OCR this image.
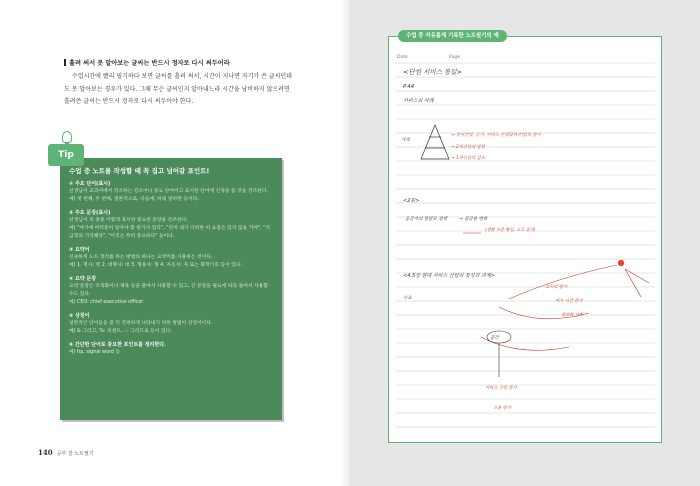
흘려 써서 못 알아보는 글씨는 반드시 정자로 다시 써두어라
수업시간에 빨리 필기하다 보면 글씨를 흘려 써서, 시간이 지나면 자기가 쓴 글씨인데도 못 알아보는 경우가 있다. 그때 무슨 글씨인지 알아내느라 시간을 낭비하지 않으려면 흘려쓴 글씨는 반드시 정자로 다시 써두어야 한다.
수업 중 노트를 작성할 때 꼭 집고 넘어갈 포인트!
① 주요 단어(표시)
선생님이 교과서에서 강조하는 강조어나 중요 단어이고 표시한 단어에 신경을 쓸 것을 강조한다.
예) 첫 번째, 두 번째, 결론적으로, 다음에, 바꿔 말하면 등이다.
② 주요 문장(표시)
선생님이 꼭 종종 이렇게 표시한 중요한 문장을 강조한다.
예) "여기에 여러분이 알아야 할 원가가 있다", "먼저 내가 너희한 이 요점은 있지 않을 거야", "지금껏의 기억해라", "이것은 특히 중요하다" 들이다.
③ 요약어
신속하게 노트 정리를 하는 방법의 하나는 요약어를 사용하는 것이다.
예) 1. 명사: 명 2. 대명사: 대 3. 형용사: 형 4. 자동사: 자 또는 화학기호 등이 있다.
④ 요약 문장
요약 문장은 조직화이나 제목 등을 줄여서 사용할 수 있고, 긴 문장을 필요에 따라 줄여서 사용할 수도 있다.
예) CEO: chief executive officer
⑤ 상징어
일반적인 단어들을 좀 더 간편하게 나타내기 위한 방법이 상징어이다.
예) & 그리고, %: 퍼센트, ∴: 그러므로 등이 있다.
⑥ 간단한 단어로 중요한 포인트를 정리한다.
예) tip, signal word 등
Tip
140 공부 잘 노트필기
<단원 서비스 통일>
P.44
서비스의 사례
가격
→ 종이산업, 공기, 서비스 산업(3차산업)의 증가
→ 2차산업의 발달
→ 1차산업의 감소
<2원>
공급자의 발달로 경쟁	→ 공급률 변화
(생활 수준 향상, 소득 증가)
<4.5장 현대 서비스 산업의 특성과 과제>
수요
소득의 증가
여가 시간 증가
정보화 사회
공간
서비스 산업 증가
고용 증가
Date	Page
수업 중 자유롭게 기록한 노트필기의 예
